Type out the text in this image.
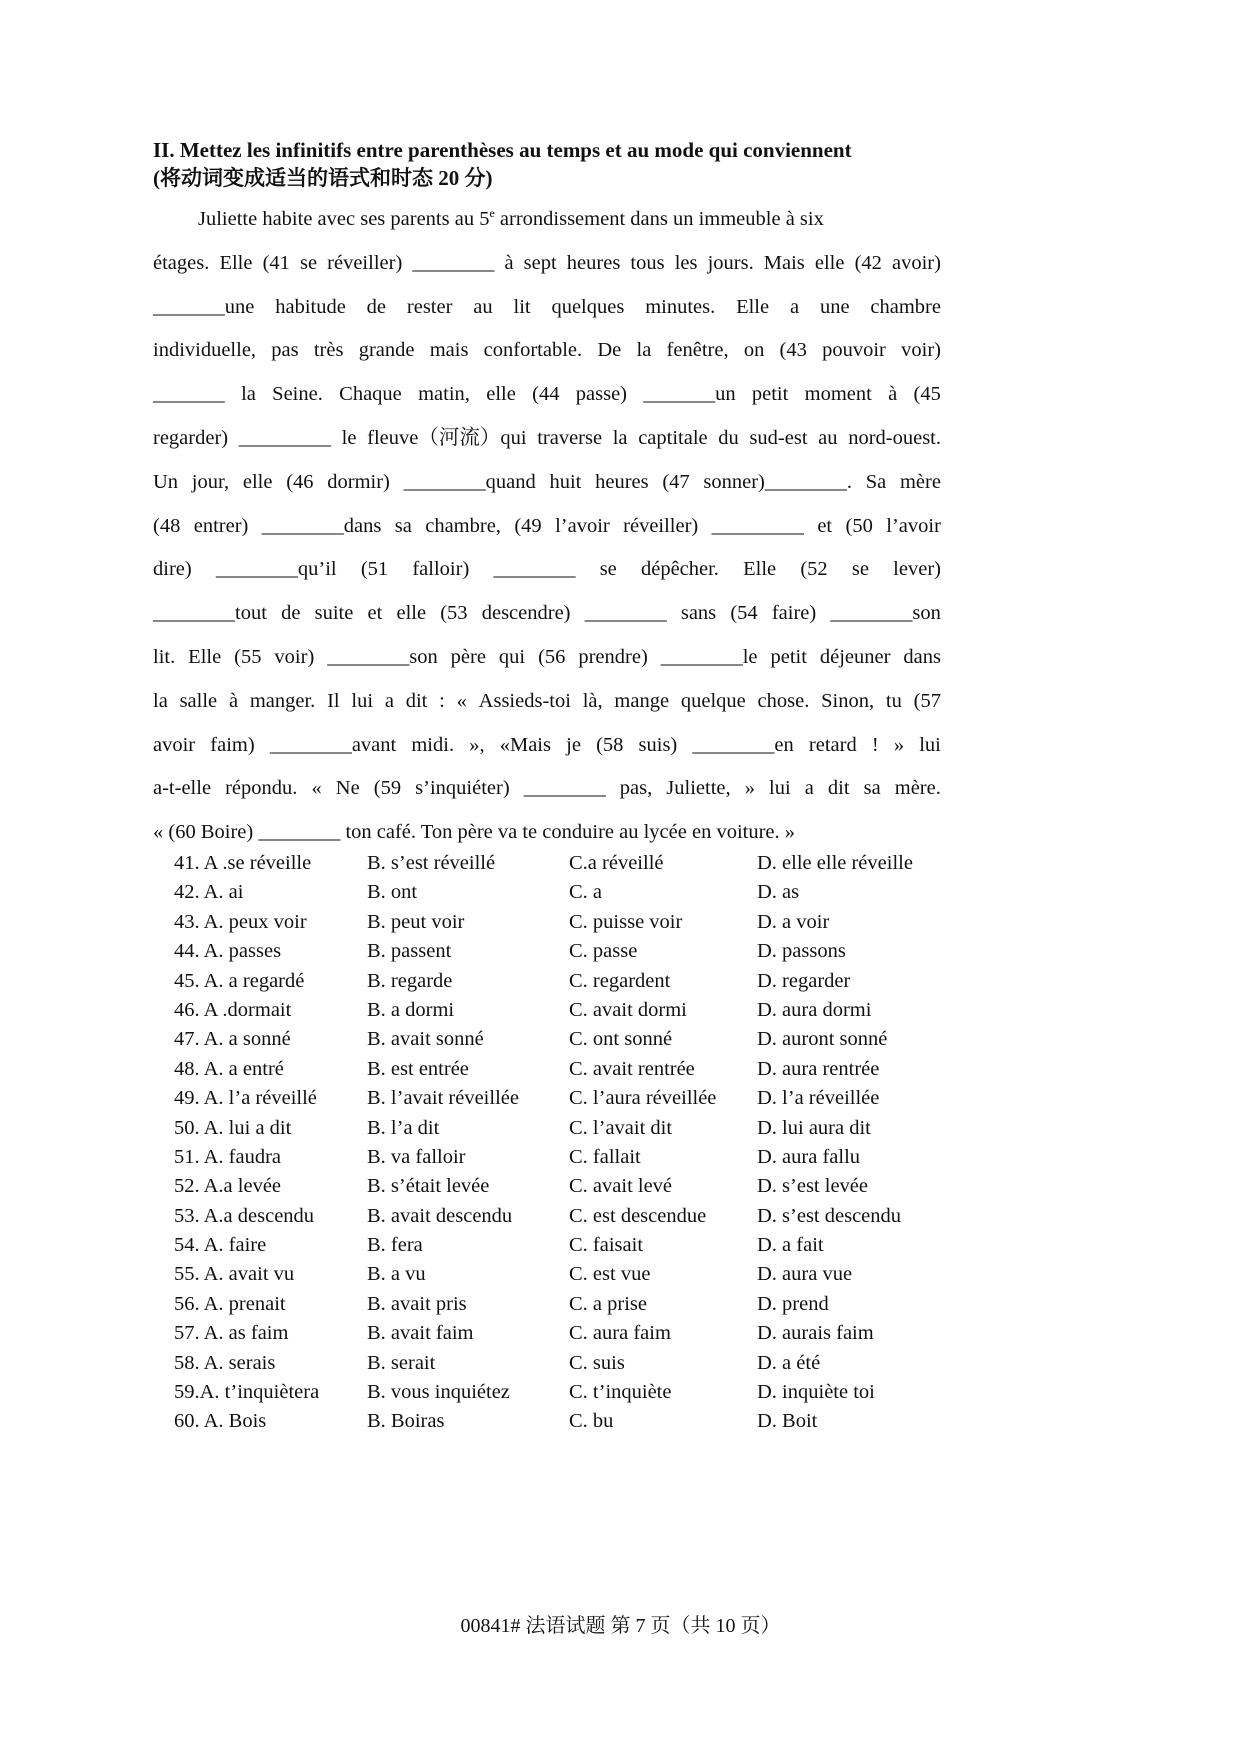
II. Mettez les infinitifs entre parenthèses au temps et au mode qui conviennent
(将动词变成适当的语式和时态 20 分)
Juliette habite avec ses parents au 5e arrondissement dans un immeuble à six
étages. Elle (41 se réveiller) ________ à sept heures tous les jours. Mais elle (42 avoir)
_______une habitude de rester au lit quelques minutes. Elle a une chambre
individuelle, pas très grande mais confortable. De la fenêtre, on (43 pouvoir voir)
_______ la Seine. Chaque matin, elle (44 passe) _______un petit moment à (45
regarder) _________ le fleuve（河流）qui traverse la captitale du sud-est au nord-ouest.
Un jour, elle (46 dormir) ________quand huit heures (47 sonner)________. Sa mère
(48 entrer) ________dans sa chambre, (49 l’avoir réveiller) _________ et (50 l’avoir
dire) ________qu’il (51 falloir) ________ se dépêcher. Elle (52 se lever)
________tout de suite et elle (53 descendre) ________ sans (54 faire) ________son
lit. Elle (55 voir) ________son père qui (56 prendre) ________le petit déjeuner dans
la salle à manger. Il lui a dit : « Assieds-toi là, mange quelque chose. Sinon, tu (57
avoir faim) ________avant midi. », «Mais je (58 suis) ________en retard ! » lui
a-t-elle répondu. « Ne (59 s’inquiéter) ________ pas, Juliette, » lui a dit sa mère.
« (60 Boire) ________ ton café. Ton père va te conduire au lycée en voiture. »
41. A .se réveille	B. s’est réveillé	C.a réveillé	D. elle elle réveille
42. A. ai	B. ont	C. a	D. as
43. A. peux voir	B. peut voir	C. puisse voir	D. a voir
44. A. passes	B. passent	C. passe	D. passons
45. A. a regardé	B. regarde	C. regardent	D. regarder
46. A .dormait	B. a dormi	C. avait dormi	D. aura dormi
47. A. a sonné	B. avait sonné	C. ont sonné	D. auront sonné
48. A. a entré	B. est entrée	C. avait rentrée	D. aura rentrée
49. A. l’a réveillé B. l’avait réveillée C. l’aura réveillée D. l’a réveillée
50. A. lui a dit	B. l’a dit	C. l’avait dit	D. lui aura dit
51. A. faudra	B. va falloir	C. fallait	D. aura fallu
52. A.a levée	B. s’était levée	C. avait levé	D. s’est levée
53. A.a descendu	B. avait descendu	C. est descendue D. s’est descendu
54. A. faire	B. fera	C. faisait	D. a fait
55. A. avait vu	B. a vu	C. est vue	D. aura vue
56. A. prenait	B. avait pris	C. a prise	D. prend
57. A. as faim	B. avait faim	C. aura faim	D. aurais faim
58. A. serais	B. serait	C. suis	D. a été
59.A. t’inquiètera B. vous inquiétez	C. t’inquiète	D. inquiète toi
60. A. Bois	B. Boiras	C. bu	D. Boit
00841# 法语试题 第 7 页（共 10 页）
